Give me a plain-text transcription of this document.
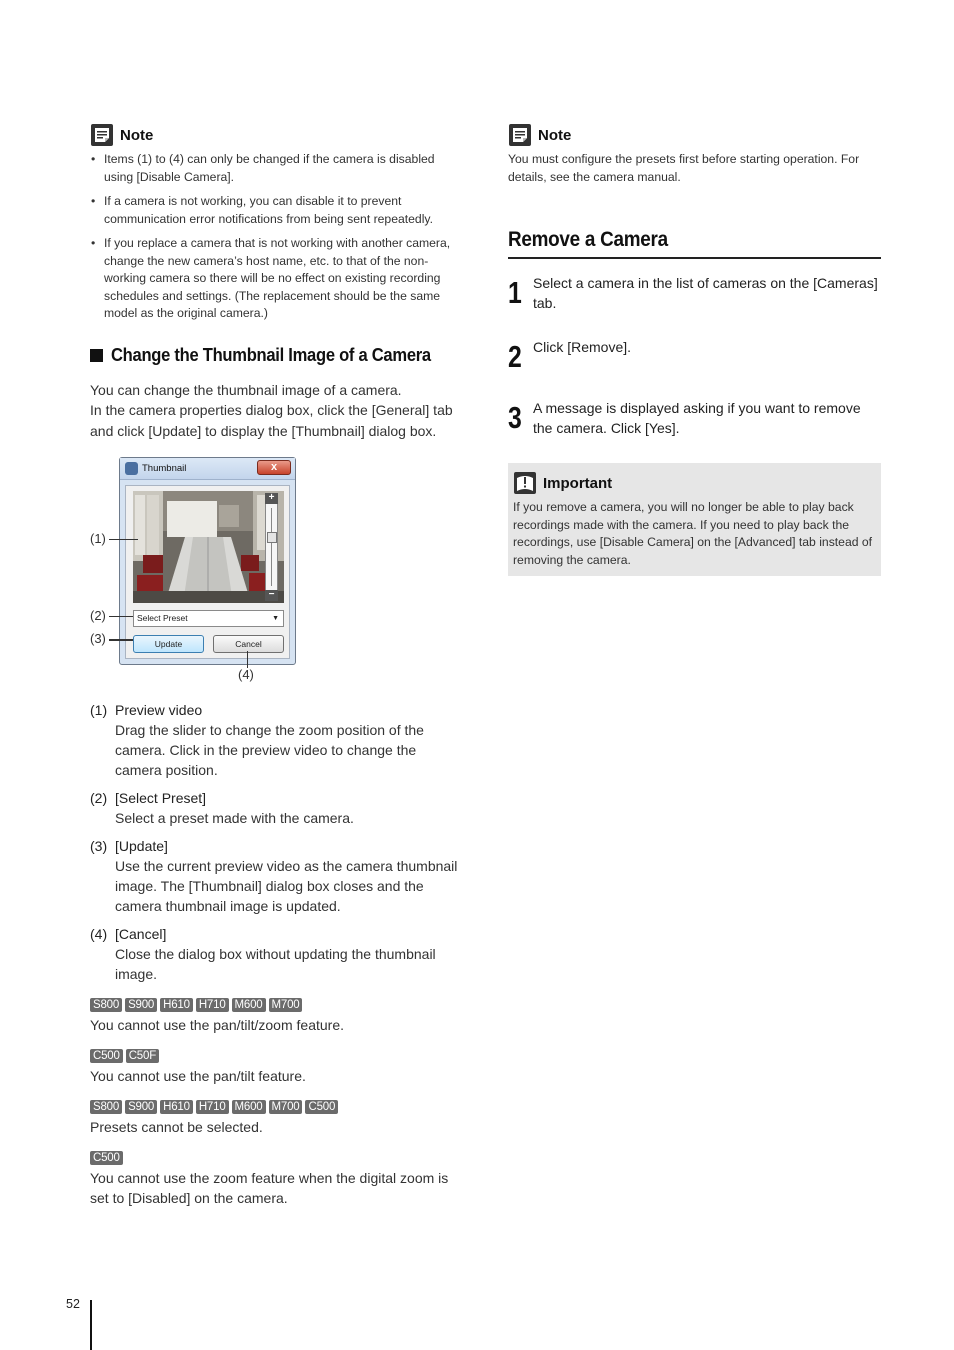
Note
• Items (1) to (4) can only be changed if the camera is disabled using [Disable Camera].
• If a camera is not working, you can disable it to prevent communication error notifications from being sent repeatedly.
• If you replace a camera that is not working with another camera, change the new camera’s host name, etc. to that of the non-working camera so there will be no effect on existing recording schedules and settings. (The replacement should be the same model as the original camera.)
Change the Thumbnail Image of a Camera

You can change the thumbnail image of a camera.
In the camera properties dialog box, click the [General] tab and click [Update] to display the [Thumbnail] dialog box.

Thumbnail	x
+
−
Select Preset	▼
Update	Cancel
(1)
(2)
(3)
(4)
(1) Preview video
Drag the slider to change the zoom position of the camera. Click in the preview video to change the camera position.
(2) [Select Preset]
Select a preset made with the camera.
(3) [Update]
Use the current preview video as the camera thumbnail image. The [Thumbnail] dialog box closes and the camera thumbnail image is updated.
(4) [Cancel]
Close the dialog box without updating the thumbnail image.
S800 S900 H610 H710 M600 M700
You cannot use the pan/tilt/zoom feature.
C500 C50F
You cannot use the pan/tilt feature.
S800 S900 H610 H710 M600 M700 C500
Presets cannot be selected.
C500
You cannot use the zoom feature when the digital zoom is set to [Disabled] on the camera.
Note

You must configure the presets first before starting operation. For details, see the camera manual.

Remove a Camera
1 Select a camera in the list of cameras on the [Cameras] tab.
2 Click [Remove].
3 A message is displayed asking if you want to remove the camera. Click [Yes].
Important

If you remove a camera, you will no longer be able to play back recordings made with the camera. If you need to play back the recordings, use [Disable Camera] on the [Advanced] tab instead of removing the camera.

52
